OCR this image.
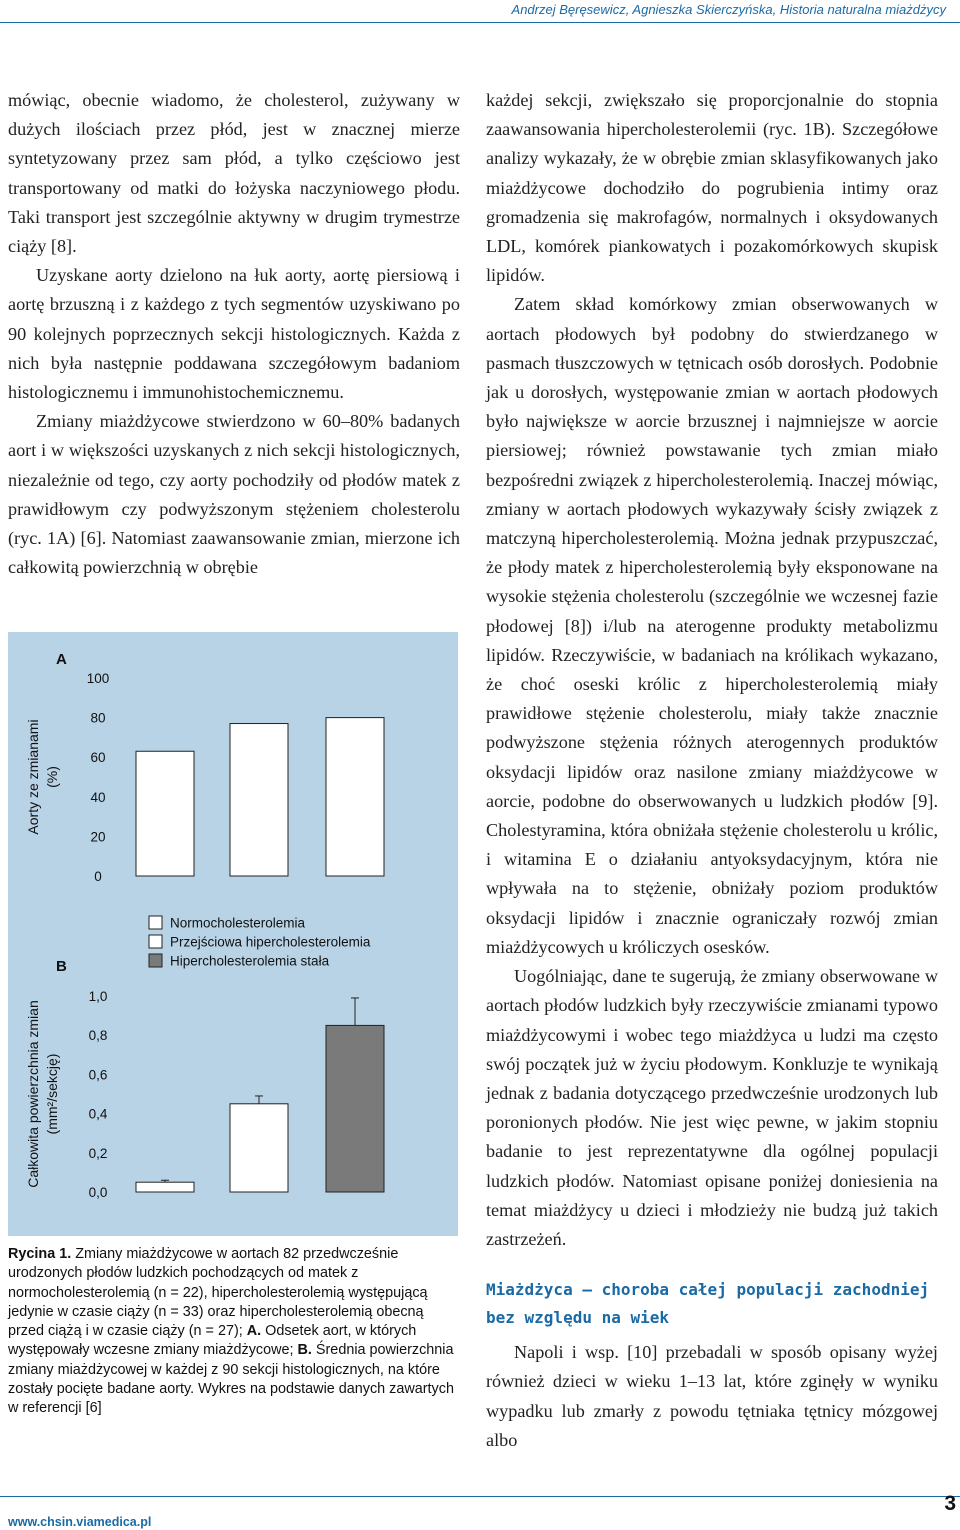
Andrzej Bęręsewicz, Agnieszka Skierczyńska, Historia naturalna miażdżycy

mówiąc, obecnie wiadomo, że cholesterol, zużywany w dużych ilościach przez płód, jest w znacznej mierze syntetyzowany przez sam płód, a tylko częściowo jest transportowany od matki do łożyska naczyniowego płodu. Taki transport jest szczególnie aktywny w drugim trymestrze ciąży [8].

Uzyskane aorty dzielono na łuk aorty, aortę piersiową i aortę brzuszną i z każdego z tych segmentów uzyskiwano po 90 kolejnych poprzecznych sekcji histologicznych. Każda z nich była następnie poddawana szczegółowym badaniom histologicznemu i immunohistochemicznemu.

Zmiany miażdżycowe stwierdzono w 60–80% badanych aort i w większości uzyskanych z nich sekcji histologicznych, niezależnie od tego, czy aorty pochodziły od płodów matek z prawidłowym czy podwyższonym stężeniem cholesterolu (ryc. 1A) [6]. Natomiast zaawansowanie zmian, mierzone ich całkowitą powierzchnią w obrębie

A
0
20
40
60
80
100
Aorty ze zmianami (%)
B
0,0
0,2
0,4
0,6
0,8
1,0
Całkowita powierzchnia zmian (mm²/sekcję)
Normocholesterolemia
Przejściowa hipercholesterolemia
Hipercholesterolemia stała
Rycina 1. Zmiany miażdżycowe w aortach 82 przedwcześnie urodzonych płodów ludzkich pochodzących od matek z normocholesterolemią (n = 22), hipercholesterolemią występującą jedynie w czasie ciąży (n = 33) oraz hipercholesterolemią obecną przed ciążą i w czasie ciąży (n = 27); A. Odsetek aort, w których występowały wczesne zmiany miażdżycowe; B. Średnia powierzchnia zmiany miażdżycowej w każdej z 90 sekcji histologicznych, na które zostały pocięte badane aorty. Wykres na podstawie danych zawartych w referencji [6]

każdej sekcji, zwiększało się proporcjonalnie do stopnia zaawansowania hipercholesterolemii (ryc. 1B). Szczegółowe analizy wykazały, że w obrębie zmian sklasyfikowanych jako miażdżycowe dochodziło do pogrubienia intimy oraz gromadzenia się makrofagów, normalnych i oksydowanych LDL, komórek piankowatych i pozakomórkowych skupisk lipidów.

Zatem skład komórkowy zmian obserwowanych w aortach płodowych był podobny do stwierdzanego w pasmach tłuszczowych w tętnicach osób dorosłych. Podobnie jak u dorosłych, występowanie zmian w aortach płodowych było największe w aorcie brzusznej i najmniejsze w aorcie piersiowej; również powstawanie tych zmian miało bezpośredni związek z hipercholesterolemią. Inaczej mówiąc, zmiany w aortach płodowych wykazywały ścisły związek z matczyną hipercholesterolemią. Można jednak przypuszczać, że płody matek z hipercholesterolemią były eksponowane na wysokie stężenia cholesterolu (szczególnie we wczesnej fazie płodowej [8]) i/lub na aterogenne produkty metabolizmu lipidów. Rzeczywiście, w badaniach na królikach wykazano, że choć oseski królic z hipercholesterolemią miały prawidłowe stężenie cholesterolu, miały także znacznie podwyższone stężenia różnych aterogennych produktów oksydacji lipidów oraz nasilone zmiany miażdżycowe w aorcie, podobne do obserwowanych u ludzkich płodów [9]. Cholestyramina, która obniżała stężenie cholesterolu u królic, i witamina E o działaniu antyoksydacyjnym, która nie wpływała na to stężenie, obniżały poziom produktów oksydacji lipidów i znacznie ograniczały rozwój zmian miażdżycowych u króliczych osesków.

Uogólniając, dane te sugerują, że zmiany obserwowane w aortach płodów ludzkich były rzeczywiście zmianami typowo miażdżycowymi i wobec tego miażdżyca u ludzi ma często swój początek już w życiu płodowym. Konkluzje te wynikają jednak z badania dotyczącego przedwcześnie urodzonych lub poronionych płodów. Nie jest więc pewne, w jakim stopniu badanie to jest reprezentatywne dla ogólnej populacji ludzkich płodów. Natomiast opisane poniżej doniesienia na temat miażdżycy u dzieci i młodzieży nie budzą już takich zastrzeżeń.

Miażdżyca — choroba całej populacji zachodniej bez względu na wiek

Napoli i wsp. [10] przebadali w sposób opisany wyżej również dzieci w wieku 1–13 lat, które zginęły w wyniku wypadku lub zmarły z powodu tętniaka tętnicy mózgowej albo

www.chsin.viamedica.pl
3
